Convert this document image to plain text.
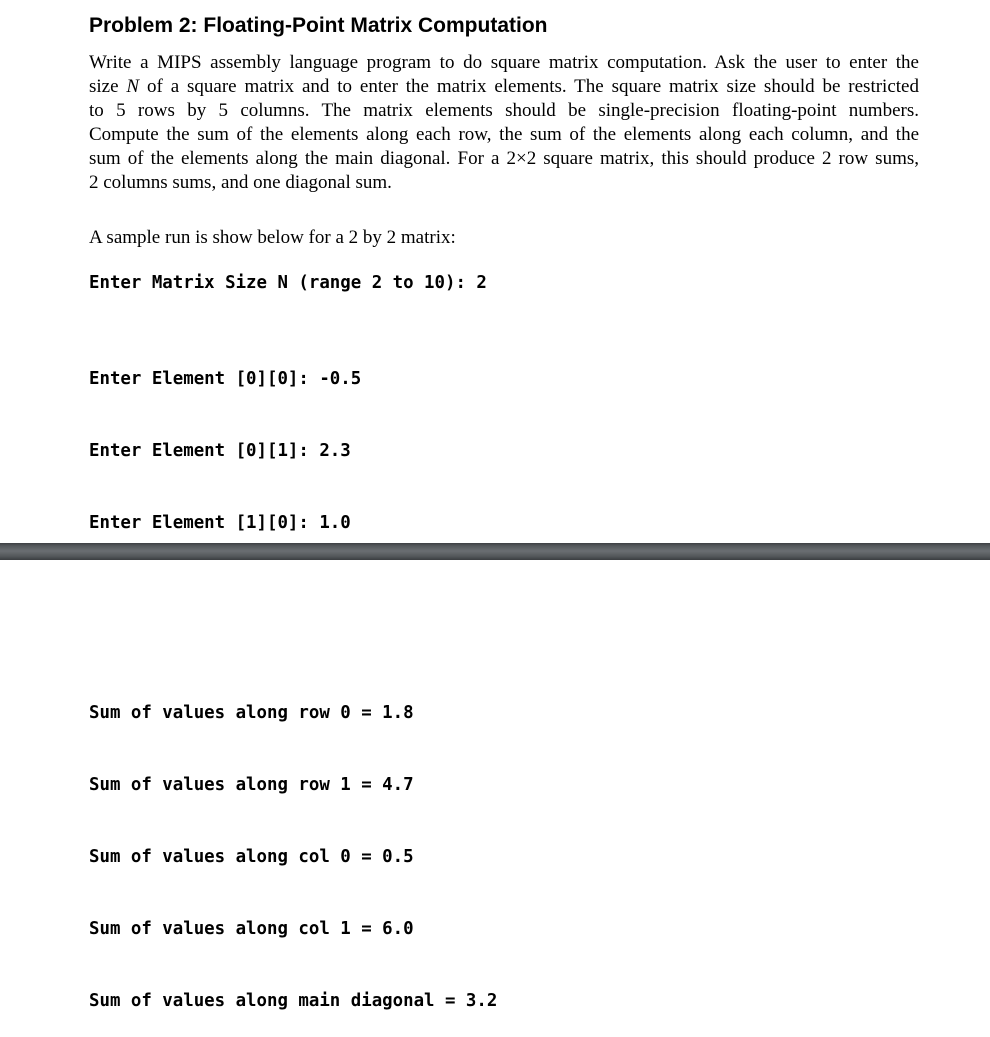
Problem 2: Floating-Point Matrix Computation
Write a MIPS assembly language program to do square matrix computation. Ask the user to enter the
size N of a square matrix and to enter the matrix elements. The square matrix size should be restricted
to 5 rows by 5 columns. The matrix elements should be single-precision floating-point numbers.
Compute the sum of the elements along each row, the sum of the elements along each column, and the
sum of the elements along the main diagonal. For a 2×2 square matrix, this should produce 2 row sums,
2 columns sums, and one diagonal sum.
A sample run is show below for a 2 by 2 matrix:
Enter Matrix Size N (range 2 to 10): 2

Enter Element [0][0]: -0.5

Enter Element [0][1]: 2.3

Enter Element [1][0]: 1.0

Sum of values along row 0 = 1.8

Sum of values along row 1 = 4.7

Sum of values along col 0 = 0.5

Sum of values along col 1 = 6.0

Sum of values along main diagonal = 3.2
